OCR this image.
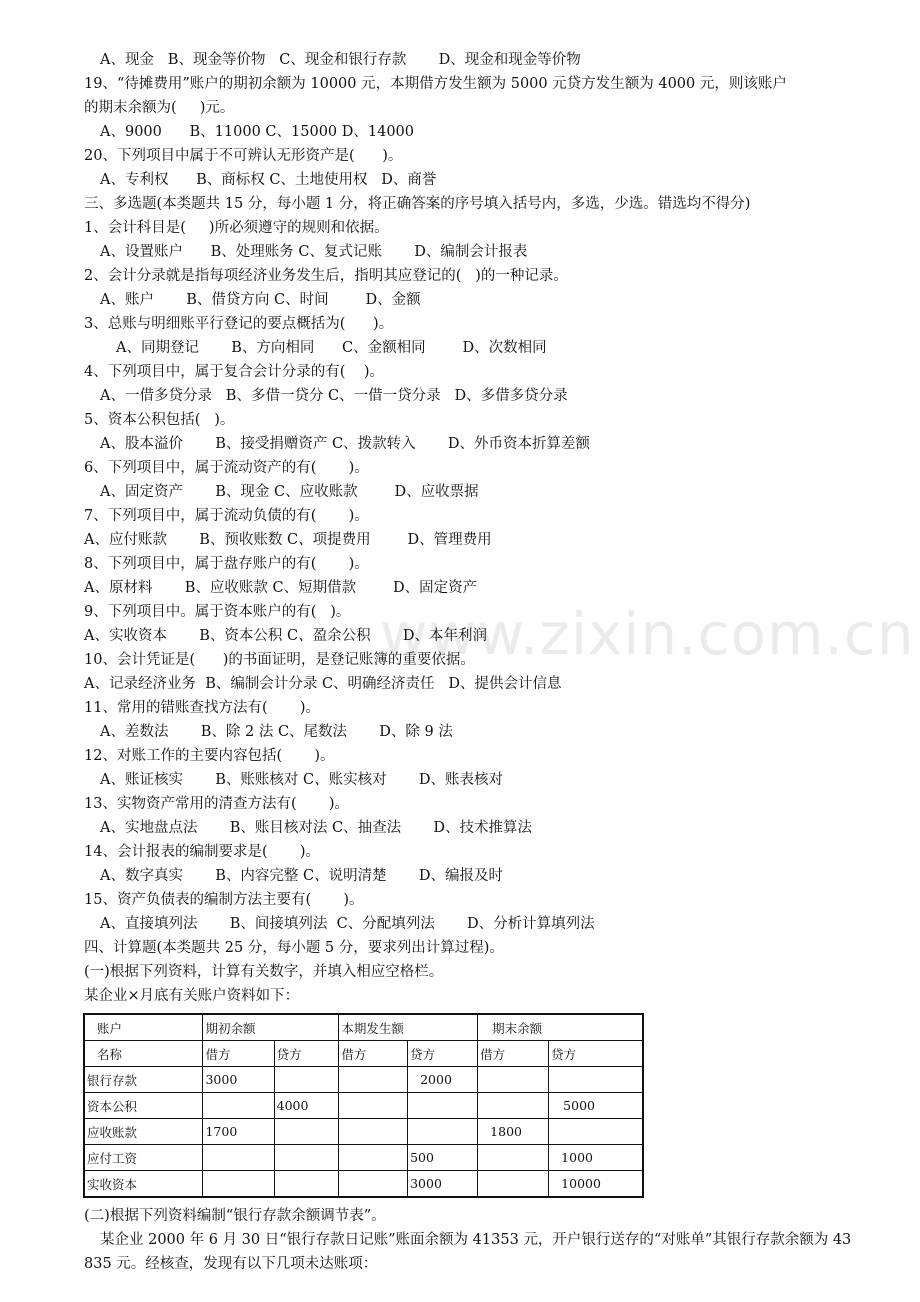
www.zixin.com.cn
A、现金   B、现金等价物   C、现金和银行存款       D、现金和现金等价物
19、“待摊费用”账户的期初余额为 10000 元，本期借方发生额为 5000 元贷方发生额为 4000 元，则该账户
的期末余额为(     )元。
A、9000      B、11000 C、15000 D、14000
20、下列项目中属于不可辨认无形资产是(      )。
A、专利权      B、商标权 C、土地使用权   D、商誉
三、多选题(本类题共 15 分，每小题 1 分，将正确答案的序号填入括号内，多选，少选。错选均不得分)
1、会计科目是(     )所必须遵守的规则和依据。
A、设置账户      B、处理账务 C、复式记账       D、编制会计报表
2、会计分录就是指每项经济业务发生后，指明其应登记的(   )的一种记录。
A、账户       B、借贷方向 C、时间        D、金额
3、总账与明细账平行登记的要点概括为(      )。
A、同期登记       B、方向相同      C、金额相同        D、次数相同
4、下列项目中，属于复合会计分录的有(    )。
A、一借多贷分录   B、多借一贷分 C、一借一贷分录   D、多借多贷分录
5、资本公积包括(   )。
A、股本溢价       B、接受捐赠资产 C、拨款转入       D、外币资本折算差额
6、下列项目中，属于流动资产的有(       )。
A、固定资产       B、现金 C、应收账款        D、应收票据
7、下列项目中，属于流动负债的有(       )。
A、应付账款       B、预收账数 C、项提费用        D、管理费用
8、下列项目中，属于盘存账户的有(       )。
A、原材料       B、应收账款 C、短期借款        D、固定资产
9、下列项目中。属于资本账户的有(   )。
A、实收资本       B、资本公积 C、盈余公积       D、本年利润
10、会计凭证是(      )的书面证明，是登记账簿的重要依据。
A、记录经济业务  B、编制会计分录 C、明确经济责任   D、提供会计信息
11、常用的错账查找方法有(       )。
A、差数法       B、除 2 法 C、尾数法       D、除 9 法
12、对账工作的主要内容包括(       )。
A、账证核实       B、账账核对 C、账实核对       D、账表核对
13、实物资产常用的清查方法有(       )。
A、实地盘点法       B、账目核对法 C、抽查法       D、技术推算法
14、会计报表的编制要求是(       )。
A、数字真实       B、内容完整 C、说明清楚       D、编报及时
15、资产负债表的编制方法主要有(       )。
A、直接填列法       B、间接填列法  C、分配填列法       D、分析计算填列法
四、计算题(本类题共 25 分，每小题 5 分，要求列出计算过程)。
(一)根据下列资料，计算有关数字，并填入相应空格栏。
某企业×月底有关账户资料如下：
账户	期初余额		本期发生额		期末余额	
名称	借方	贷方	借方	贷方	借方	贷方
银行存款	3000			2000		
资本公积		4000				5000
应收账款	1700				1800	
应付工资				500		1000
实收资本				3000		10000
(二)根据下列资料编制“银行存款余额调节表”。
某企业 2000 年 6 月 30 日“银行存款日记账”账面余额为 41353 元，开户银行送存的“对账单”其银行存款余额为 43 835 元。经核查，发现有以下几项未达账项：
